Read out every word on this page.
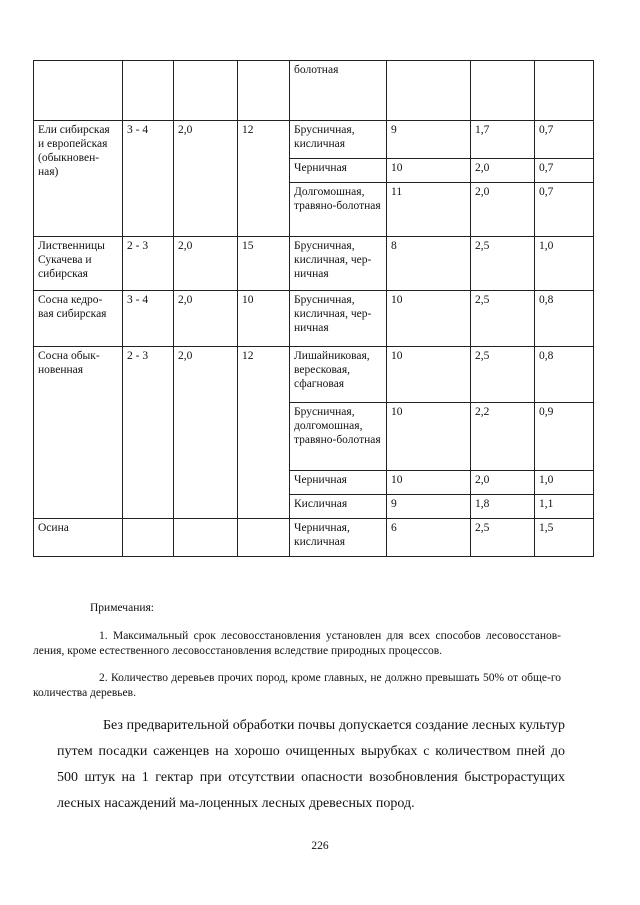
				болотная			
Ели сибирская и европейская (обыкновен-ная)	3 - 4	2,0	12	Брусничная, кисличная	9	1,7	0,7
				Черничная	10	2,0	0,7
				Долгомошная, травяно-болотная	11	2,0	0,7
Лиственницы Сукачева и сибирская	2 - 3	2,0	15	Брусничная, кисличная, чер-ничная	8	2,5	1,0
Сосна кедро-вая сибирская	3 - 4	2,0	10	Брусничная, кисличная, чер-ничная	10	2,5	0,8
Сосна обык-новенная	2 - 3	2,0	12	Лишайниковая, вересковая, сфагновая	10	2,5	0,8
				Брусничная, долгомошная, травяно-болотная	10	2,2	0,9
				Черничная	10	2,0	1,0
				Кисличная	9	1,8	1,1
Осина				Черничная, кисличная	6	2,5	1,5
Примечания:
1. Максимальный срок лесовосстановления установлен для всех способов лесовосстанов-ления, кроме естественного лесовосстановления вследствие природных процессов.
2. Количество деревьев прочих пород, кроме главных, не должно превышать 50% от обще-го количества деревьев.
Без предварительной обработки почвы допускается создание лесных культур путем посадки саженцев на хорошо очищенных вырубках с количеством пней до 500 штук на 1 гектар при отсутствии опасности возобновления быстрорастущих лесных насаждений ма-лоценных лесных древесных пород.
226
